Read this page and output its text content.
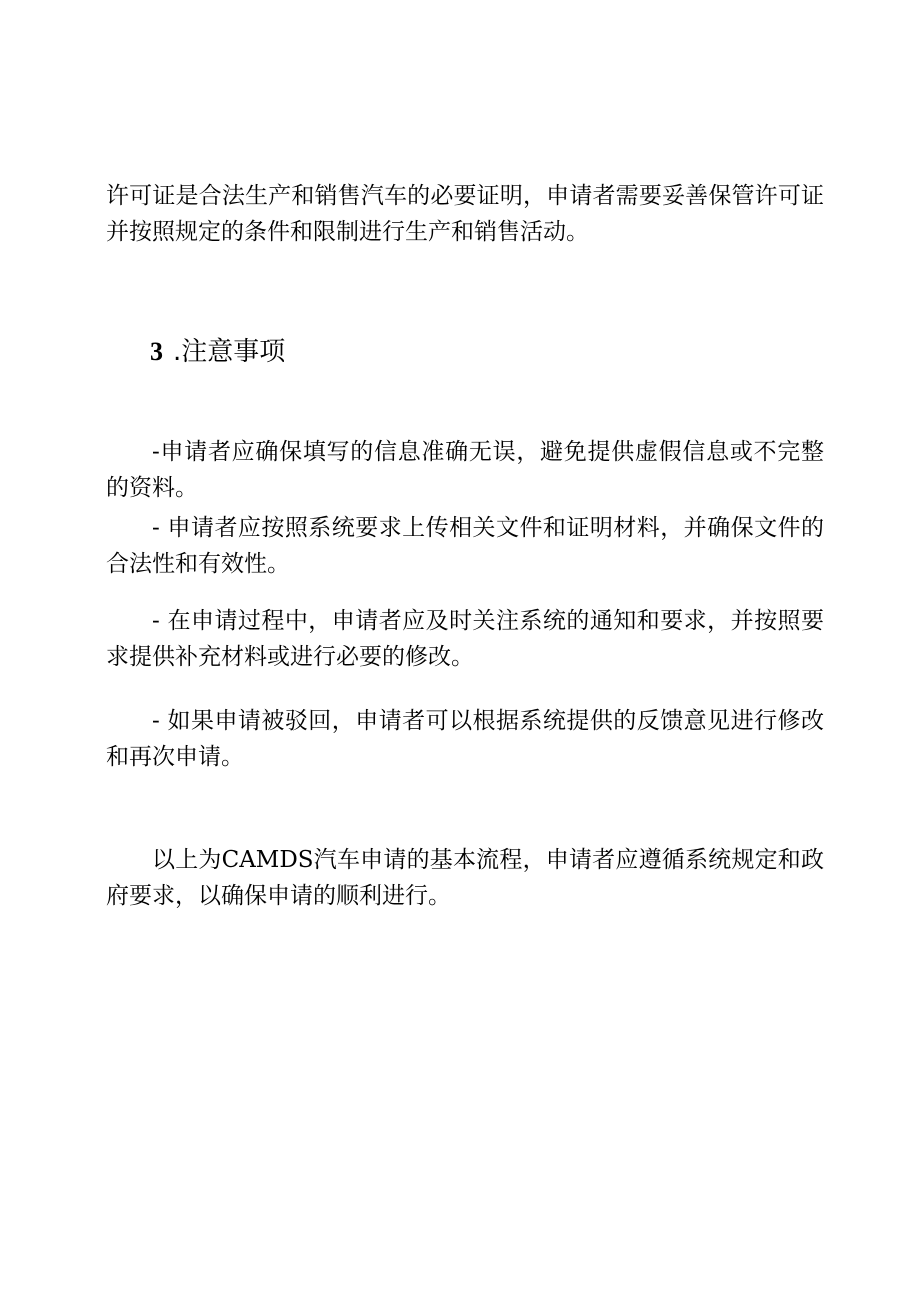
许可证是合法生产和销售汽车的必要证明，申请者需要妥善保管许可证并按照规定的条件和限制进行生产和销售活动。

3 .注意事项

-申请者应确保填写的信息准确无误，避免提供虚假信息或不完整的资料。

- 申请者应按照系统要求上传相关文件和证明材料，并确保文件的合法性和有效性。

- 在申请过程中，申请者应及时关注系统的通知和要求，并按照要求提供补充材料或进行必要的修改。

- 如果申请被驳回，申请者可以根据系统提供的反馈意见进行修改和再次申请。

以上为CAMDS汽车申请的基本流程，申请者应遵循系统规定和政府要求，以确保申请的顺利进行。
